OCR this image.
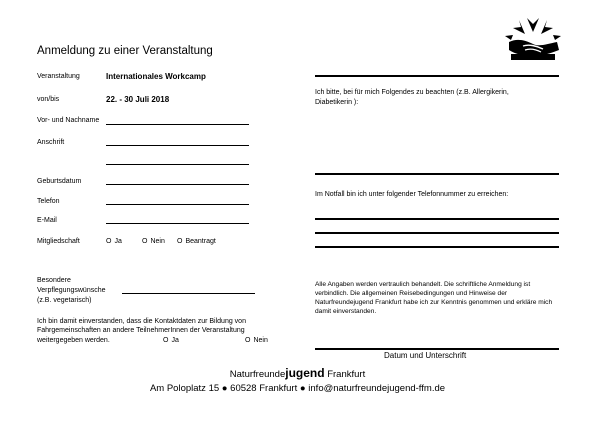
Anmeldung zu einer Veranstaltung
Veranstaltung	Internationales Workcamp
von/bis	22. - 30 Juli 2018
Vor- und Nachname
Anschrift
Geburtsdatum
Telefon
E-Mail
Mitgliedschaft	O Ja	O Nein O Beantragt
Besondere
Verpflegungswünsche
(z.B. vegetarisch)
Ich bin damit einverstanden, dass die Kontaktdaten zur Bildung von
Fahrgemeinschaften an andere TeilnehmerInnen der Veranstaltung
weitergegeben werden.	O Ja	O Nein
Ich bitte, bei für mich Folgendes zu beachten (z.B. Allergikerin,
Diabetikerin ):
Im Notfall bin ich unter folgender Telefonnummer zu erreichen:
Alle Angaben werden vertraulich behandelt. Die schriftliche Anmeldung ist verbindlich. Die allgemeinen Reisebedingungen und Hinweise der Naturfreundejugend Frankfurt habe ich zur Kenntnis genommen und erkläre mich damit einverstanden.
Datum und Unterschrift
Naturfreundejugend Frankfurt
Am Poloplatz 15 ● 60528 Frankfurt ● info@naturfreundejugend-ffm.de
